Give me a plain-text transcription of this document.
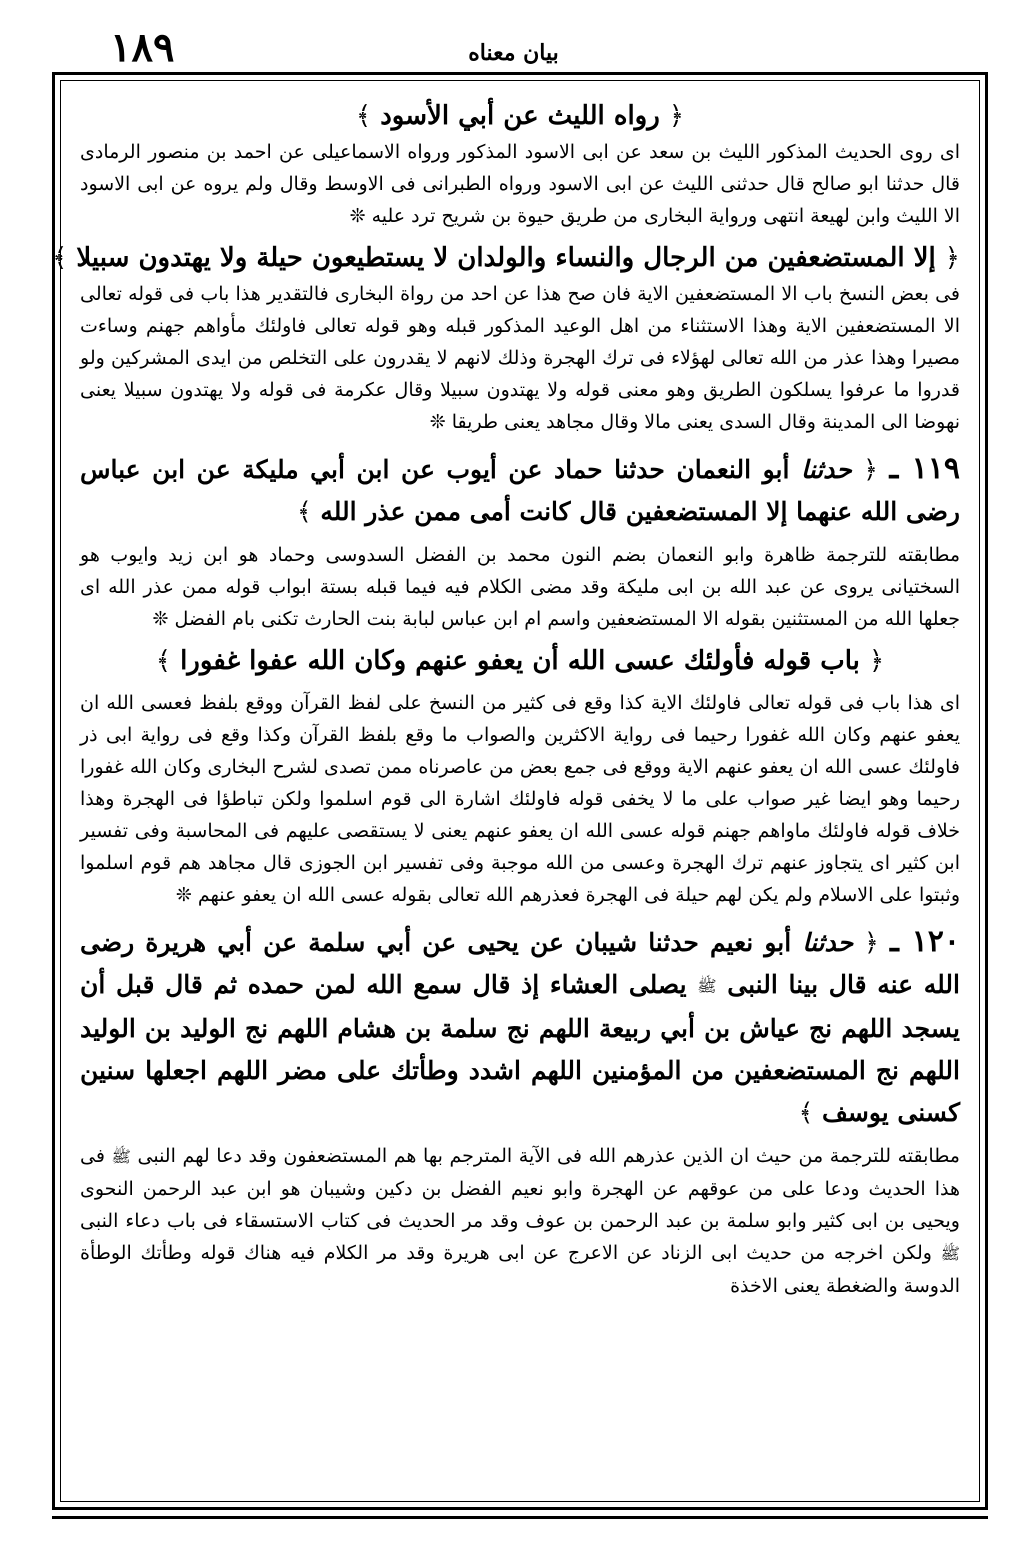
١٨٩	بيان معناه

﴿ رواه الليث عن أبي الأسود ﴾

اى روى الحديث المذكور الليث بن سعد عن ابى الاسود المذكور ورواه الاسماعيلى عن احمد بن منصور الرمادى قال حدثنا ابو صالح قال حدثنى الليث عن ابى الاسود ورواه الطبرانى فى الاوسط وقال ولم يروه عن ابى الاسود الا الليث وابن لهيعة انتهى ورواية البخارى من طريق حيوة بن شريح ترد عليه ❊

﴿ إلا المستضعفين من الرجال والنساء والولدان لا يستطيعون حيلة ولا يهتدون سبيلا ﴾

فى بعض النسخ باب الا المستضعفين الاية فان صح هذا عن احد من رواة البخارى فالتقدير هذا باب فى قوله تعالى الا المستضعفين الاية وهذا الاستثناء من اهل الوعيد المذكور قبله وهو قوله تعالى فاولئك مأواهم جهنم وساءت مصيرا وهذا عذر من الله تعالى لهؤلاء فى ترك الهجرة وذلك لانهم لا يقدرون على التخلص من ايدى المشركين ولو قدروا ما عرفوا يسلكون الطريق وهو معنى قوله ولا يهتدون سبيلا وقال عكرمة فى قوله ولا يهتدون سبيلا يعنى نهوضا الى المدينة وقال السدى يعنى مالا وقال مجاهد يعنى طريقا ❊

١١٩ ـ ﴿ حدثنا أبو النعمان حدثنا حماد عن أيوب عن ابن أبي مليكة عن ابن عباس رضى الله عنهما إلا المستضعفين قال كانت أمى ممن عذر الله ﴾

مطابقته للترجمة ظاهرة وابو النعمان بضم النون محمد بن الفضل السدوسى وحماد هو ابن زيد وايوب هو السختيانى يروى عن عبد الله بن ابى مليكة وقد مضى الكلام فيه فيما قبله بستة ابواب قوله ممن عذر الله اى جعلها الله من المستثنين بقوله الا المستضعفين واسم ام ابن عباس لبابة بنت الحارث تكنى بام الفضل ❊

﴿ باب قوله فأولئك عسى الله أن يعفو عنهم وكان الله عفوا غفورا ﴾

اى هذا باب فى قوله تعالى فاولئك الاية كذا وقع فى كثير من النسخ على لفظ القرآن ووقع بلفظ فعسى الله ان يعفو عنهم وكان الله غفورا رحيما فى رواية الاكثرين والصواب ما وقع بلفظ القرآن وكذا وقع فى رواية ابى ذر فاولئك عسى الله ان يعفو عنهم الاية ووقع فى جمع بعض من عاصرناه ممن تصدى لشرح البخارى وكان الله غفورا رحيما وهو ايضا غير صواب على ما لا يخفى قوله فاولئك اشارة الى قوم اسلموا ولكن تباطؤا فى الهجرة وهذا خلاف قوله فاولئك ماواهم جهنم قوله عسى الله ان يعفو عنهم يعنى لا يستقصى عليهم فى المحاسبة وفى تفسير ابن كثير اى يتجاوز عنهم ترك الهجرة وعسى من الله موجبة وفى تفسير ابن الجوزى قال مجاهد هم قوم اسلموا وثبتوا على الاسلام ولم يكن لهم حيلة فى الهجرة فعذرهم الله تعالى بقوله عسى الله ان يعفو عنهم ❊

١٢٠ ـ ﴿ حدثنا أبو نعيم حدثنا شيبان عن يحيى عن أبي سلمة عن أبي هريرة رضى الله عنه قال بينا النبى ﷺ يصلى العشاء إذ قال سمع الله لمن حمده ثم قال قبل أن يسجد اللهم نج عياش بن أبي ربيعة اللهم نج سلمة بن هشام اللهم نج الوليد بن الوليد اللهم نج المستضعفين من المؤمنين اللهم اشدد وطأتك على مضر اللهم اجعلها سنين كسنى يوسف ﴾

مطابقته للترجمة من حيث ان الذين عذرهم الله فى الآية المترجم بها هم المستضعفون وقد دعا لهم النبى ﷺ فى هذا الحديث ودعا على من عوقهم عن الهجرة وابو نعيم الفضل بن دكين وشيبان هو ابن عبد الرحمن النحوى ويحيى بن ابى كثير وابو سلمة بن عبد الرحمن بن عوف وقد مر الحديث فى كتاب الاستسقاء فى باب دعاء النبى ﷺ ولكن اخرجه من حديث ابى الزناد عن الاعرج عن ابى هريرة وقد مر الكلام فيه هناك قوله وطأتك الوطأة الدوسة والضغطة يعنى الاخذة
